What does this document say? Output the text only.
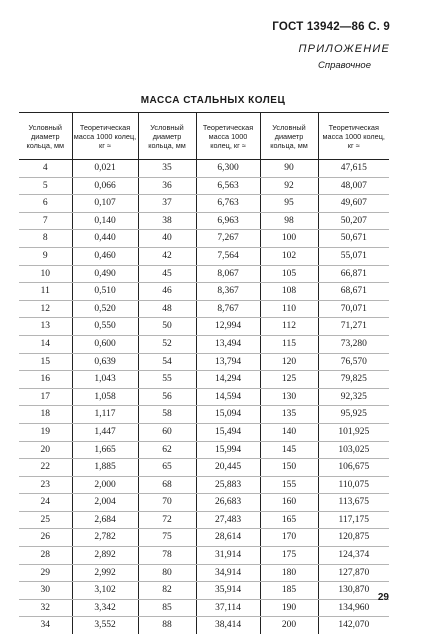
ГОСТ 13942—86 С. 9
ПРИЛОЖЕНИЕ
Справочное
МАССА СТАЛЬНЫХ КОЛЕЦ
Условный диаметр кольца, мм	Теоретическая масса 1000 колец, кг ≈	Условный диаметр кольца, мм	Теоретическая масса 1000 колец, кг ≈	Условный диаметр кольца, мм	Теоретическая масса 1000 колец, кг ≈
4	0,021	35	6,300	90	47,615
5	0,066	36	6,563	92	48,007
6	0,107	37	6,763	95	49,607
7	0,140	38	6,963	98	50,207
8	0,440	40	7,267	100	50,671
9	0,460	42	7,564	102	55,071
10	0,490	45	8,067	105	66,871
11	0,510	46	8,367	108	68,671
12	0,520	48	8,767	110	70,071
13	0,550	50	12,994	112	71,271
14	0,600	52	13,494	115	73,280
15	0,639	54	13,794	120	76,570
16	1,043	55	14,294	125	79,825
17	1,058	56	14,594	130	92,325
18	1,117	58	15,094	135	95,925
19	1,447	60	15,494	140	101,925
20	1,665	62	15,994	145	103,025
22	1,885	65	20,445	150	106,675
23	2,000	68	25,883	155	110,075
24	2,004	70	26,683	160	113,675
25	2,684	72	27,483	165	117,175
26	2,782	75	28,614	170	120,875
28	2,892	78	31,914	175	124,374
29	2,992	80	34,914	180	127,870
30	3,102	82	35,914	185	130,870
32	3,342	85	37,114	190	134,960
34	3,552	88	38,414	200	142,070
29
